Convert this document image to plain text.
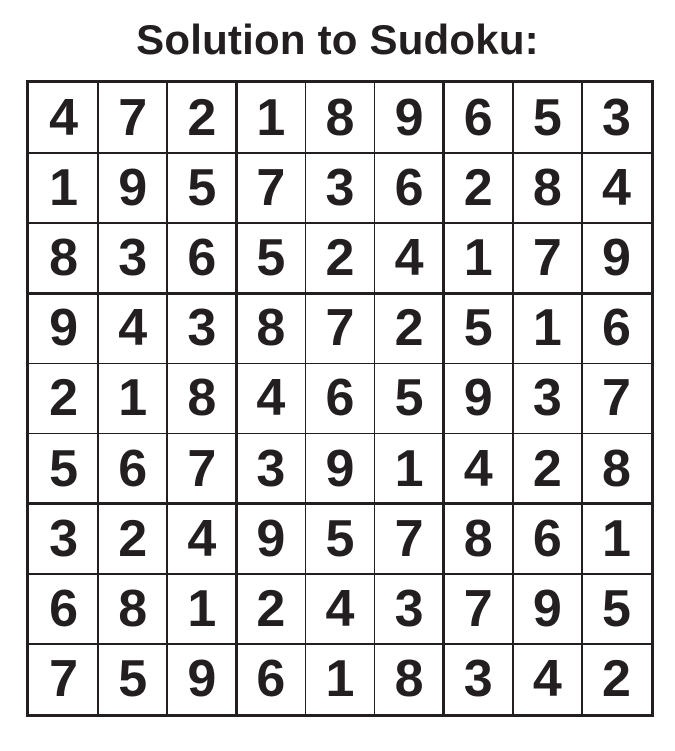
Solution to Sudoku:
4 7 2 1 8 9 6 5 3
1 9 5 7 3 6 2 8 4
8 3 6 5 2 4 1 7 9
9 4 3 8 7 2 5 1 6
2 1 8 4 6 5 9 3 7
5 6 7 3 9 1 4 2 8
3 2 4 9 5 7 8 6 1
6 8 1 2 4 3 7 9 5
7 5 9 6 1 8 3 4 2
